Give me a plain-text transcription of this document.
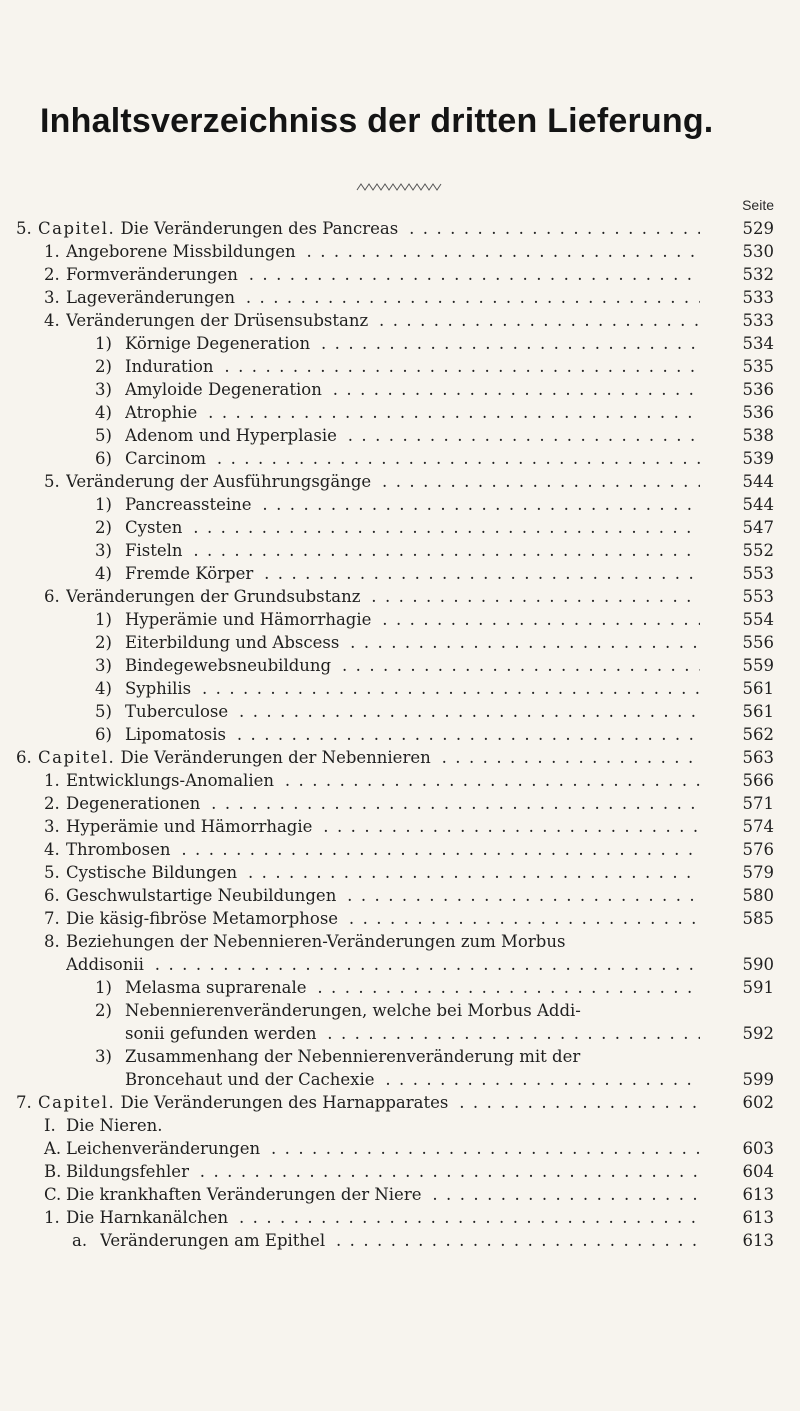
Inhaltsverzeichniss der dritten Lieferung.
Seite
5. Capitel. Die Veränderungen des Pancreas . . .	529
1. Angeborene Missbildungen . . .	530
2. Formveränderungen . . .	532
3. Lageveränderungen . . .	533
4. Veränderungen der Drüsensubstanz . . .	533
1) Körnige Degeneration . . .	534
2) Induration . . .	535
3) Amyloide Degeneration . . .	536
4) Atrophie . . .	536
5) Adenom und Hyperplasie . . .	538
6) Carcinom . . .	539
5. Veränderung der Ausführungsgänge . . .	544
1) Pancreassteine . . .	544
2) Cysten . . .	547
3) Fisteln . . .	552
4) Fremde Körper . . .	553
6. Veränderungen der Grundsubstanz . . .	553
1) Hyperämie und Hämorrhagie . . .	554
2) Eiterbildung und Abscess . . .	556
3) Bindegewebsneubildung . . .	559
4) Syphilis . . .	561
5) Tuberculose . . .	561
6) Lipomatosis . . .	562
6. Capitel. Die Veränderungen der Nebennieren . . .	563
1. Entwicklungs-Anomalien . . .	566
2. Degenerationen . . .	571
3. Hyperämie und Hämorrhagie . . .	574
4. Thrombosen . . .	576
5. Cystische Bildungen . . .	579
6. Geschwulstartige Neubildungen . . .	580
7. Die käsig-fibröse Metamorphose . . .	585
8. Beziehungen der Nebennieren-Veränderungen zum Morbus
Addisonii . . .	590
1) Melasma suprarenale . . .	591
2) Nebennierenveränderungen, welche bei Morbus Addi-
sonii gefunden werden . . .	592
3) Zusammenhang der Nebennierenveränderung mit der
Broncehaut und der Cachexie . . .	599
7. Capitel. Die Veränderungen des Harnapparates . . .	602
I. Die Nieren.
A. Leichenveränderungen . . .	603
B. Bildungsfehler . . .	604
C. Die krankhaften Veränderungen der Niere . . .	613
1. Die Harnkanälchen . . .	613
a. Veränderungen am Epithel . . .	613
